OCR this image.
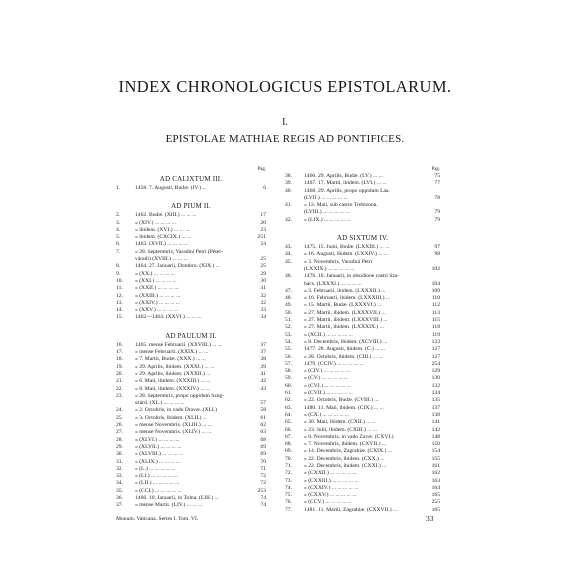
INDEX CHRONOLOGICUS EPISTOLARUM.
I.
EPISTOLAE MATHIAE REGIS AD PONTIFICES.
Pag.
AD CALIXTUM III.
1.	1458. 7. Augusti, Budæ. (IV.) ...	6
AD PIUM II.
2.	1462. Budæ. (XIII.) ... ... ...	17
3.	« (XIV.) ... ... ... ...	20
4.	« ibidem. (XVI.) ... ... ...	23
5.	« ibidem. (CXCIX.) ... ...	251
6.	1463. (XVII.) ... ... ... ...	24
7.	« 28. Septembris, Varadini Petri (Péter-
váradi) (XVIII.) ... ... ...	25
8.	1464. 27. Januarii, Dombro. (XIX.) ...	25
9.	« (XX.) ... ... ... ...	29
10.	« (XXI.) ... ... ... ...	30
11.	« (XXII.) ... ... ... ...	31
12.	« (XXIII.) ... ... ... ...	32
13.	« (XXIV.) ... ... ... ...	32
14.	« (XXV.) ... ... ... ...	33
15.	1462—1464. (XXVI.) ... ... ...	34
AD PAULUM II.
16.	1465. mense Februarii. (XXVIII.) ... ...	37
17.	« mense Februarii. (XXIX.) ... ...	37
18.	« 7. Martii, Budæ. (XXX.) ... ...	38
19.	« 29. Aprilis, ibidem. (XXXI.) ... ...	39
20.	« 29. Aprilis, ibidem. (XXXII.) ...	41
21.	« 6. Maii, ibidem. (XXXIII.) ... ...	42
22.	« 8. Maii, ibidem. (XXXIV.) ... ...	43
23.	« 28. Septembris, propo oppidum Szeg-
szárd. (XL.) ... ... ... ...	57
24.	« 2. Octobris, in vado Dravæ. (XLI.)	58
25.	« 3. Octobris, ibidem. (XLII.) ...	61
26.	« mense Novembris. (XLIII.) ... ...	62
27.	« mense Novembris. (XLIV.) ... ...	63
28.	« (XLVI.) ... ... ... ...	68
29.	« (XLVII.) ... ... ... ...	69
30.	« (XLVIII.) ... ... ... ...	69
31.	« (XLIX.) ... ... ... ...	70
32.	« (L.) ... ... ... ... ...	71
33.	« (LI.) ... ... ... ... ...	72
34.	« (LII.) ... ... ... ... ...	72
35.	« (CCI.) ... ... ... ... ...	253
36.	1466. 10. Januarii, in Tolna. (LIII.) ...	74
37.	« mense Martii. (LIV.) ... ... ...	74
Pag.
38.	1466. 29. Aprilis, Budæ. (LV.) ... ...	75
39.	1467. 17. Martii, ibidem. (LVI.) ... ...	77
40.	1468. 29. Aprilis, propo oppidum Laa.
(LVII.) ... ... ... ... ...	78
41.	« 12. Maii, sub castro Trebizona.
(LVIII.) ... ... ... ... ...	79
42.	« (LIX.) ... ... ... ... ...	79
AD SIXTUM IV.
43.	1475. 15. Junii, Budæ. (LXXIII.) ... ...	97
44.	« 16. Augusti, ibidem. (LXXIV.) ... ...	98
45.	« 3. Novembris, Varadini Petri
(LXXIX.) ... ... ... ... ...	102
46.	1476. 16. Januarii, in obsidione castri Sza-
bács. (LXXXI.) ... ... ... ...	104
47.	« 3. Februarii, ibidem. (LXXXII.) ...	109
48.	« 16. Februarii, ibidem. (LXXXIII.) ...	110
49.	« 15. Martii, Budæ. (LXXXVI.) ...	112
50.	« 27. Martii, ibidem. (LXXXVII.) ...	113
51.	« 27. Martii, ibidem. (LXXXVIII.) ...	115
52.	« 27. Martii, ibidem. (LXXXIX.) ...	118
53.	« (XCII.) ... ... ... ... ...	119
54.	« 8. Decembris, ibidem. (XCVIII.) ...	123
55.	1477. 28. Augusti, ibidem. (C.) ... ...	127
56.	« 28. Octobris, ibidem. (CIII.) ... ...	127
57.	1479. (CCIV.) ... ... ... ... ...	254
58.	« (CIV.) ... ... ... ... ...	129
59.	« (CV.) ... ... ... ... ...	130
60.	« (CVI.) ... ... ... ... ...	132
61.	« (CVII.) ... ... ... ... ...	134
62.	« 22. Octobris, Budæ. (CVIII.) ...	135
63.	1480. 11. Maii, ibidem. (CIX.) ... ...	137
64.	« (CX.) ... ... ... ... ...	138
65.	« 30. Maii, ibidem. (CXII.) ... ...	141
66.	« 23. Julii, ibidem. (CXIII.) ... ...	142
67.	« 6. Novembris, in vado Zavæ. (CXVI.)	148
68.	« 7. Novembris, ibidem. (CXVII.) ...	150
69.	« 14. Decembris, Zagrabiæ. (CXIX.) ...	154
70.	« 22. Decembris, ibidem. (CXX.) ...	155
71.	« 22. Decembris, ibidem. (CXXI.) ...	161
72.	« (CXXII.) ... ... ... ... ...	162
73.	« (CXXIII.) ... ... ... ... ...	163
74.	« (CXXIV.) ... ... ... ... ...	164
75.	« (CXXV.) ... ... ... ... ...	165
76.	« (CCV.) ... ... ... ... ...	255
77.	1481. 11. Martii, Zagrabiæ. (CXXVII.) ...	165
Monum. Vaticana. Series I. Tom. VI.	33
